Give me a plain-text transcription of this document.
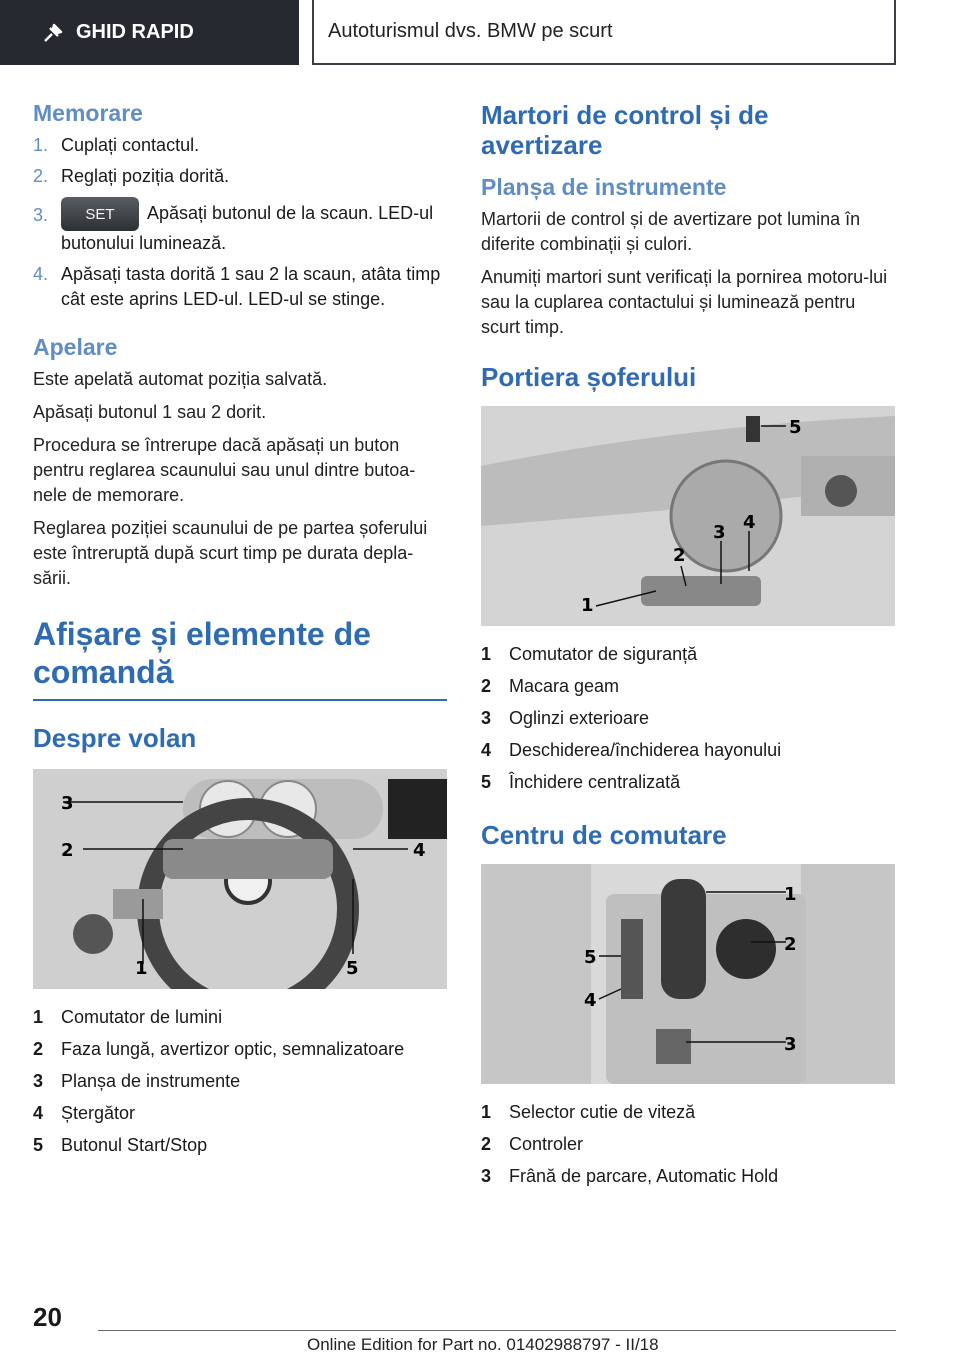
GHID RAPID	Autoturismul dvs. BMW pe scurt
Memorare
1. Cuplați contactul.
2. Reglați poziția dorită.
3.	SET Apăsați butonul de la scaun. LED-ul butonului luminează.
4. Apăsați tasta dorită 1 sau 2 la scaun, atâta timp cât este aprins LED-ul. LED-ul se stinge.
Apelare

Este apelată automat poziția salvată.

Apăsați butonul 1 sau 2 dorit.

Procedura se întrerupe dacă apăsați un buton pentru reglarea scaunului sau unul dintre butoa-nele de memorare.

Reglarea poziției scaunului de pe partea șoferului este întreruptă după scurt timp pe durata depla-sării.

Afișare și elemente de comandă
Despre volan
3
2
1
4
5
1 Comutator de lumini
2 Faza lungă, avertizor optic, semnalizatoare
3 Planșa de instrumente
4 Ștergător
5 Butonul Start/Stop
Martori de control și de avertizare
Planșa de instrumente

Martorii de control și de avertizare pot lumina în diferite combinații și culori.

Anumiți martori sunt verificați la pornirea motoru-lui sau la cuplarea contactului și luminează pentru scurt timp.

Portiera șoferului
5
1
2
3 4
1 Comutator de siguranță
2 Macara geam
3 Oglinzi exterioare
4 Deschiderea/închiderea hayonului
5 Închidere centralizată
Centru de comutare
1
2
3
5
4
1 Selector cutie de viteză
2 Controler
3 Frână de parcare, Automatic Hold
20
Online Edition for Part no. 01402988797 - II/18
